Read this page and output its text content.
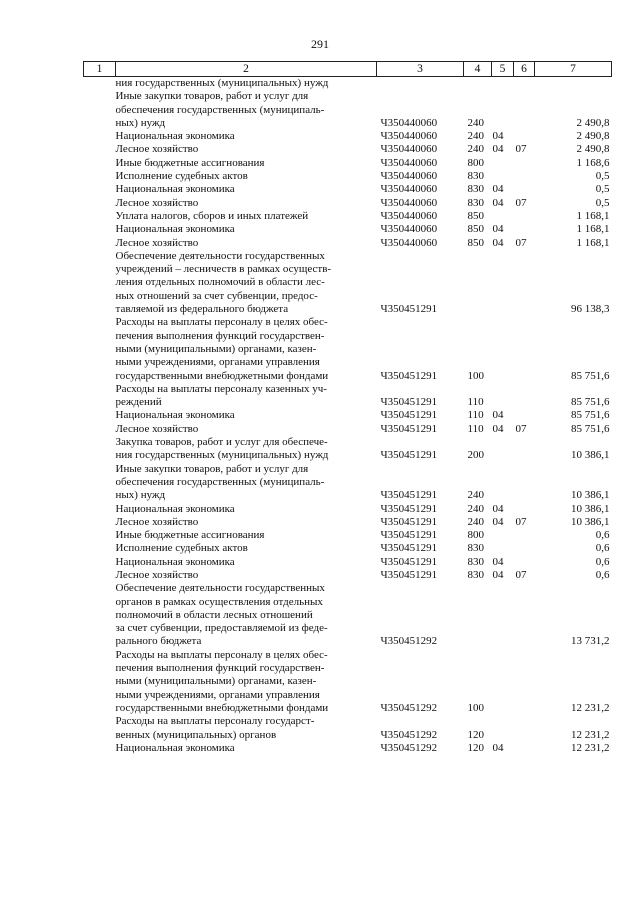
291
1	2	3	4	5	6	7

	ния государственных (муниципальных) нужд					

	Иные закупки товаров, работ и услуг для
обеспечения государственных (муниципаль-
ных) нужд	Ч350440060	240			2 490,8

	Национальная экономика	Ч350440060	240	04		2 490,8

	Лесное хозяйство	Ч350440060	240	04	07	2 490,8

	Иные бюджетные ассигнования	Ч350440060	800			1 168,6

	Исполнение судебных актов	Ч350440060	830			0,5

	Национальная экономика	Ч350440060	830	04		0,5

	Лесное хозяйство	Ч350440060	830	04	07	0,5

	Уплата налогов, сборов и иных платежей	Ч350440060	850			1 168,1

	Национальная экономика	Ч350440060	850	04		1 168,1

	Лесное хозяйство	Ч350440060	850	04	07	1 168,1

	Обеспечение деятельности государственных
учреждений – лесничеств в рамках осуществ-
ления отдельных полномочий в области лес-
ных отношений за счет субвенции, предос-
тавляемой из федерального бюджета	Ч350451291				96 138,3

	Расходы на выплаты персоналу в целях обес-
печения выполнения функций государствен-
ными (муниципальными) органами, казен-
ными учреждениями, органами управления
государственными внебюджетными фондами	Ч350451291	100			85 751,6

	Расходы на выплаты персоналу казенных уч-
реждений	Ч350451291	110			85 751,6

	Национальная экономика	Ч350451291	110	04		85 751,6

	Лесное хозяйство	Ч350451291	110	04	07	85 751,6

	Закупка товаров, работ и услуг для обеспече-
ния государственных (муниципальных) нужд	Ч350451291	200			10 386,1

	Иные закупки товаров, работ и услуг для
обеспечения государственных (муниципаль-
ных) нужд	Ч350451291	240			10 386,1

	Национальная экономика	Ч350451291	240	04		10 386,1

	Лесное хозяйство	Ч350451291	240	04	07	10 386,1

	Иные бюджетные ассигнования	Ч350451291	800			0,6

	Исполнение судебных актов	Ч350451291	830			0,6

	Национальная экономика	Ч350451291	830	04		0,6

	Лесное хозяйство	Ч350451291	830	04	07	0,6

	Обеспечение деятельности государственных
органов в рамках осуществления отдельных
полномочий в области лесных отношений
за счет субвенции, предоставляемой из феде-
рального бюджета	Ч350451292				13 731,2

	Расходы на выплаты персоналу в целях обес-
печения выполнения функций государствен-
ными (муниципальными) органами, казен-
ными учреждениями, органами управления
государственными внебюджетными фондами	Ч350451292	100			12 231,2

	Расходы на выплаты персоналу государст-
венных (муниципальных) органов	Ч350451292	120			12 231,2

	Национальная экономика	Ч350451292	120	04		12 231,2
